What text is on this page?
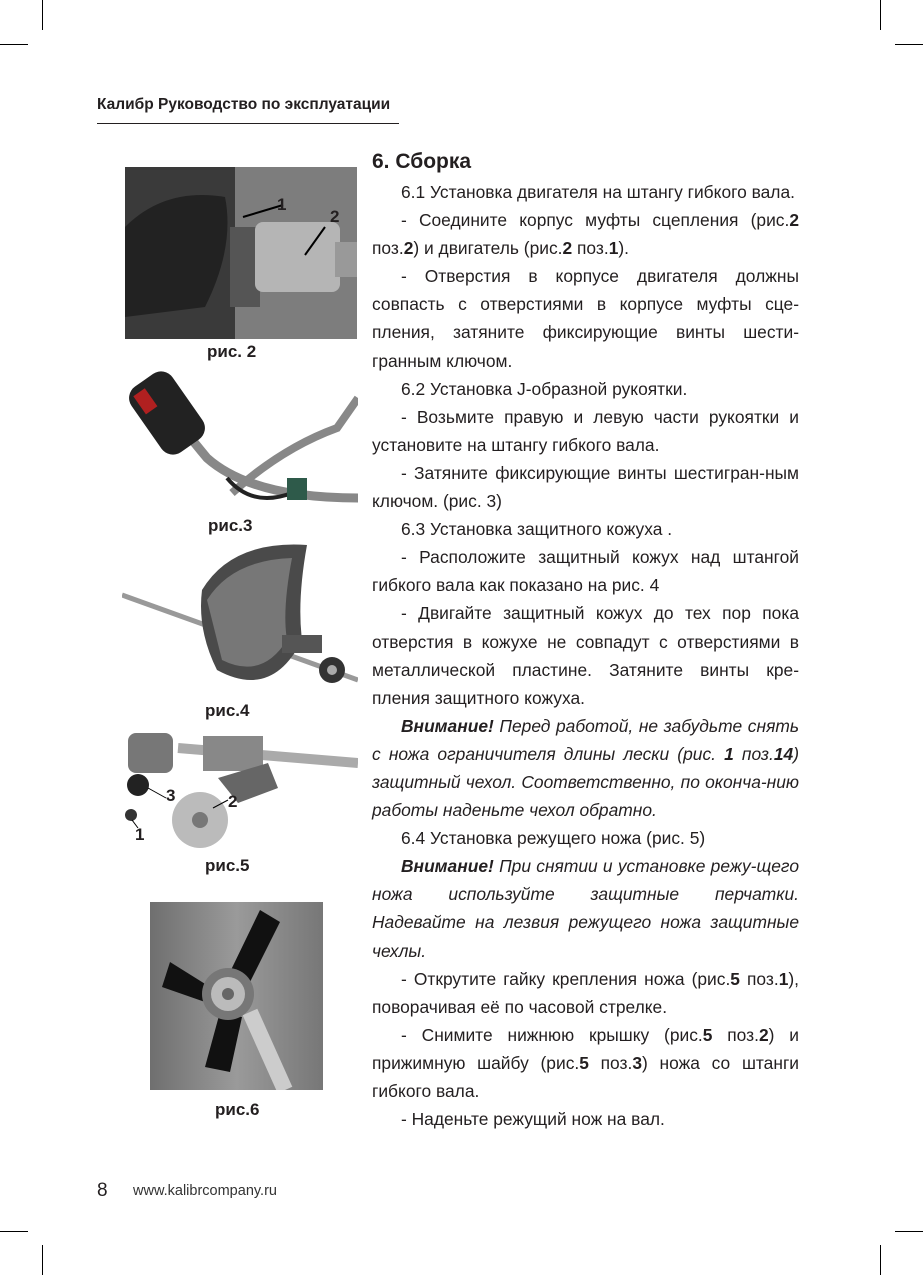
Калибр Руководство по эксплуатации
1
2
рис. 2
рис.3
рис.4
3	2
1
рис.5
рис.6
6. Сборка

6.1 Установка двигателя на штангу гибкого вала.

- Соедините корпус муфты сцепления (рис.2 поз.2) и двигатель (рис.2 поз.1).

- Отверстия в корпусе двигателя должны совпасть с отверстиями в корпусе муфты сце-пления, затяните фиксирующие винты шести-гранным ключом.

6.2 Установка J-образной рукоятки.

- Возьмите правую и левую части рукоятки и установите на штангу гибкого вала.

- Затяните фиксирующие винты шестигран-ным ключом. (рис. 3)

6.3 Установка защитного кожуха .

- Расположите защитный кожух над штангой гибкого вала как показано на рис. 4

- Двигайте защитный кожух до тех пор пока отверстия в кожухе не совпадут с отверстиями в металлической пластине. Затяните винты кре-пления защитного кожуха.

Внимание! Перед работой, не забудьте снять с ножа ограничителя длины лески (рис. 1 поз.14) защитный чехол. Соответственно, по оконча-нию работы наденьте чехол обратно.

6.4 Установка режущего ножа (рис. 5)

Внимание! При снятии и установке режу-щего ножа используйте защитные перчатки. Надевайте на лезвия режущего ножа защитные чехлы.

- Открутите гайку крепления ножа (рис.5 поз.1), поворачивая её по часовой стрелке.

- Снимите нижнюю крышку (рис.5 поз.2) и прижимную шайбу (рис.5 поз.3) ножа со штанги гибкого вала.

- Наденьте режущий нож на вал.

8 www.kalibrcompany.ru
